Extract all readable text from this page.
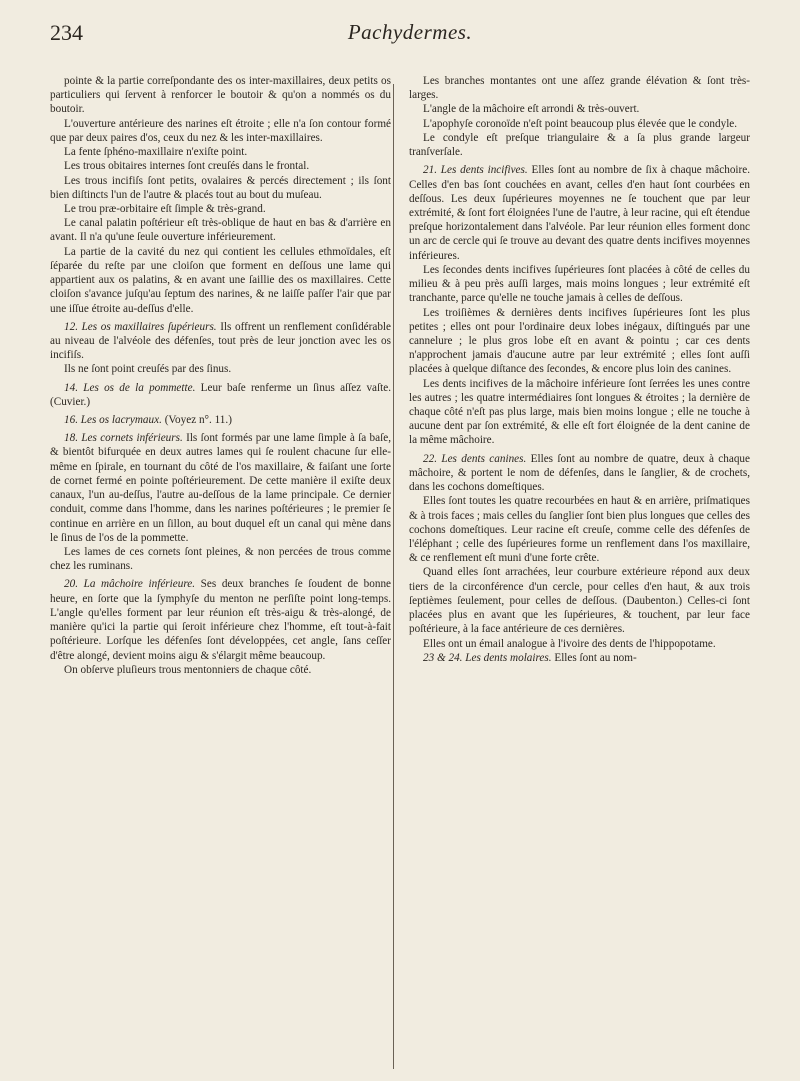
234	Pachydermes.

pointe & la partie correſpondante des os inter-maxillaires, deux petits os particuliers qui ſervent à renforcer le boutoir & qu'on a nommés os du boutoir.

L'ouverture antérieure des narines eſt étroite ; elle n'a ſon contour formé que par deux paires d'os, ceux du nez & les inter-maxillaires.

La fente ſphéno-maxillaire n'exiſte point.

Les trous obitaires internes ſont creuſés dans le frontal.

Les trous incifiſs ſont petits, ovalaires & percés directement ; ils ſont bien diſtincts l'un de l'autre & placés tout au bout du muſeau.

Le trou præ-orbitaire eſt ſimple & très-grand.

Le canal palatin poſtérieur eſt très-oblique de haut en bas & d'arrière en avant. Il n'a qu'une ſeule ouverture inférieurement.

La partie de la cavité du nez qui contient les cellules ethmoïdales, eſt ſéparée du reſte par une cloiſon que forment en deſſous une lame qui appartient aux os palatins, & en avant une ſaillie des os maxillaires. Cette cloiſon s'avance juſqu'au ſeptum des narines, & ne laiſſe paſſer l'air que par une iſſue étroite au-deſſus d'elle.

12. Les os maxillaires ſupérieurs. Ils offrent un renflement conſidérable au niveau de l'alvéole des défenſes, tout près de leur jonction avec les os incifiſs.

Ils ne ſont point creuſés par des ſinus.

14. Les os de la pommette. Leur baſe renferme un ſinus aſſez vaſte. (Cuvier.)

16. Les os lacrymaux. (Voyez n°. 11.)

18. Les cornets inférieurs. Ils ſont formés par une lame ſimple à ſa baſe, & bientôt bifurquée en deux autres lames qui ſe roulent chacune ſur elle-même en ſpirale, en tournant du côté de l'os maxillaire, & faiſant une ſorte de cornet fermé en pointe poſtérieurement. De cette manière il exiſte deux canaux, l'un au-deſſus, l'autre au-deſſous de la lame principale. Ce dernier conduit, comme dans l'homme, dans les narines poſtérieures ; le premier ſe continue en arrière en un ſillon, au bout duquel eſt un canal qui mène dans le ſinus de l'os de la pommette.

Les lames de ces cornets ſont pleines, & non percées de trous comme chez les ruminans.

20. La mâchoire inférieure. Ses deux branches ſe ſoudent de bonne heure, en ſorte que la ſymphyſe du menton ne perſiſte point long-temps. L'angle qu'elles forment par leur réunion eſt très-aigu & très-alongé, de manière qu'ici la partie qui ſeroit inférieure chez l'homme, eſt tout-à-fait poſtérieure. Lorſque les défenſes ſont développées, cet angle, ſans ceſſer d'être alongé, devient moins aigu & s'élargit même beaucoup.

On obſerve pluſieurs trous mentonniers de chaque côté.

Les branches montantes ont une aſſez grande élévation & ſont très-larges.

L'angle de la mâchoire eſt arrondi & très-ouvert.

L'apophyſe coronoïde n'eſt point beaucoup plus élevée que le condyle.

Le condyle eſt preſque triangulaire & a ſa plus grande largeur tranſverſale.

21. Les dents incifives. Elles ſont au nombre de ſix à chaque mâchoire. Celles d'en bas ſont couchées en avant, celles d'en haut ſont courbées en deſſous. Les deux ſupérieures moyennes ne ſe touchent que par leur extrémité, & ſont fort éloignées l'une de l'autre, à leur racine, qui eſt étendue preſque horizontalement dans l'alvéole. Par leur réunion elles forment donc un arc de cercle qui ſe trouve au devant des quatre dents incifives moyennes inférieures.

Les ſecondes dents incifives ſupérieures ſont placées à côté de celles du milieu & à peu près auſſi larges, mais moins longues ; leur extrémité eſt tranchante, parce qu'elle ne touche jamais à celles de deſſous.

Les troiſièmes & dernières dents incifives ſupérieures ſont les plus petites ; elles ont pour l'ordinaire deux lobes inégaux, diſtingués par une cannelure ; le plus gros lobe eſt en avant & pointu ; car ces dents n'approchent jamais d'aucune autre par leur extrémité ; elles ſont auſſi placées à quelque diſtance des ſecondes, & encore plus loin des canines.

Les dents incifives de la mâchoire inférieure ſont ſerrées les unes contre les autres ; les quatre intermédiaires ſont longues & étroites ; la dernière de chaque côté n'eſt pas plus large, mais bien moins longue ; elle ne touche à aucune dent par ſon extrémité, & elle eſt fort éloignée de la dent canine de la même mâchoire.

22. Les dents canines. Elles ſont au nombre de quatre, deux à chaque mâchoire, & portent le nom de défenſes, dans le ſanglier, & de crochets, dans les cochons domeſtiques.

Elles ſont toutes les quatre recourbées en haut & en arrière, priſmatiques & à trois faces ; mais celles du ſanglier ſont bien plus longues que celles des cochons domeſtiques. Leur racine eſt creuſe, comme celle des défenſes de l'éléphant ; celle des ſupérieures forme un renflement dans l'os maxillaire, & ce renflement eſt muni d'une forte crête.

Quand elles ſont arrachées, leur courbure extérieure répond aux deux tiers de la circonférence d'un cercle, pour celles d'en haut, & aux trois ſeptièmes ſeulement, pour celles de deſſous. (Daubenton.) Celles-ci ſont placées plus en avant que les ſupérieures, & touchent, par leur face poſtérieure, à la face antérieure de ces dernières.

Elles ont un émail analogue à l'ivoire des dents de l'hippopotame.

23 & 24. Les dents molaires. Elles ſont au nom-
